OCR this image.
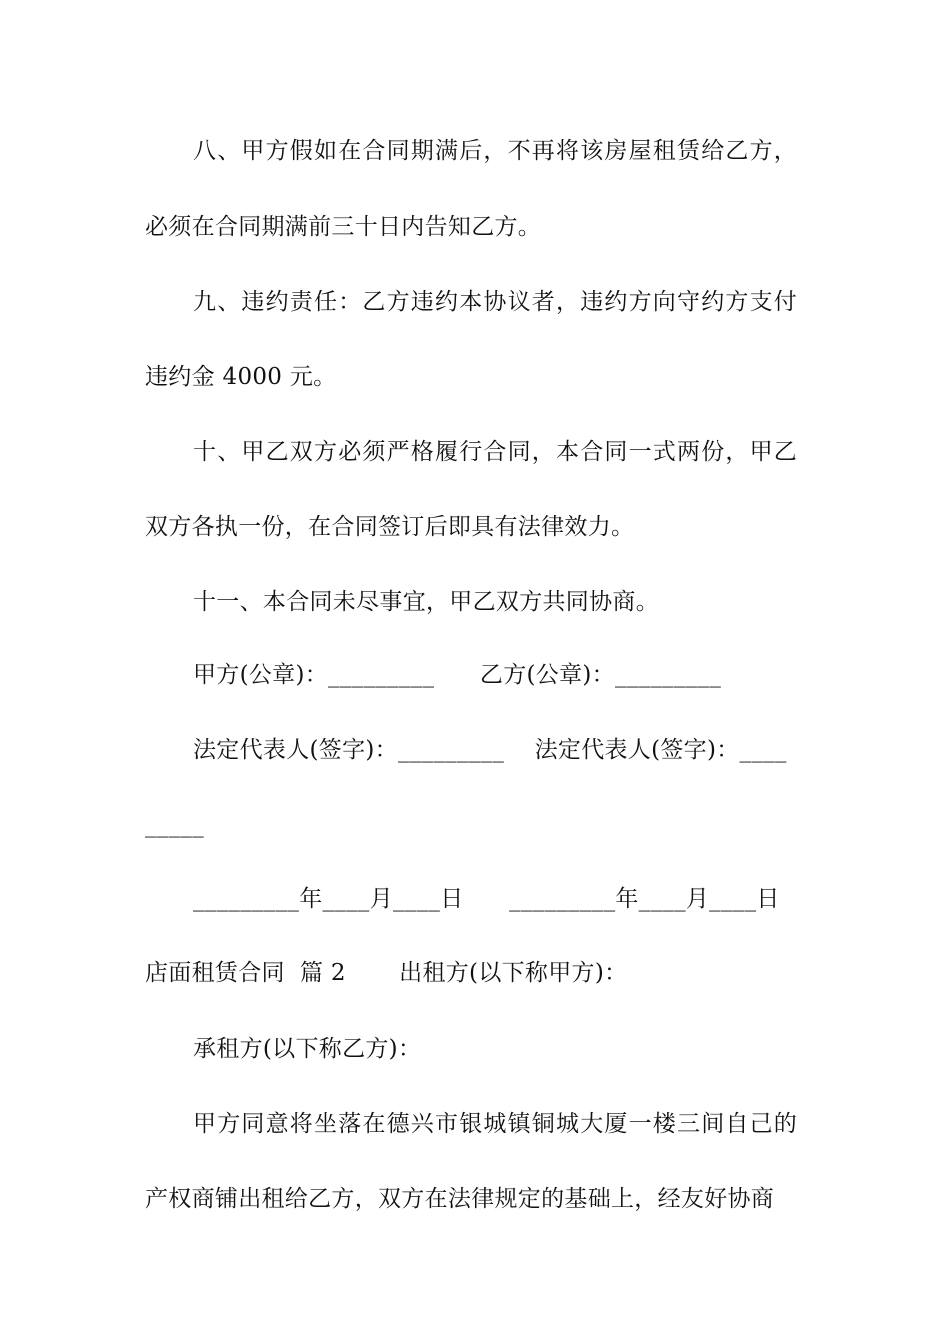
八、甲方假如在合同期满后，不再将该房屋租赁给乙方，
必须在合同期满前三十日内告知乙方。
九、违约责任：乙方违约本协议者，违约方向守约方支付
违约金 4000 元。
十、甲乙双方必须严格履行合同，本合同一式两份，甲乙
双方各执一份，在合同签订后即具有法律效力。
十一、本合同未尽事宜，甲乙双方共同协商。
甲方(公章)：_________      乙方(公章)：_________
法定代表人(签字)：_________    法定代表人(签字)：____
_____
_________年____月____日      _________年____月____日
店面租赁合同  篇 2       出租方(以下称甲方)：
承租方(以下称乙方)：
甲方同意将坐落在德兴市银城镇铜城大厦一楼三间自己的
产权商铺出租给乙方，双方在法律规定的基础上，经友好协商
